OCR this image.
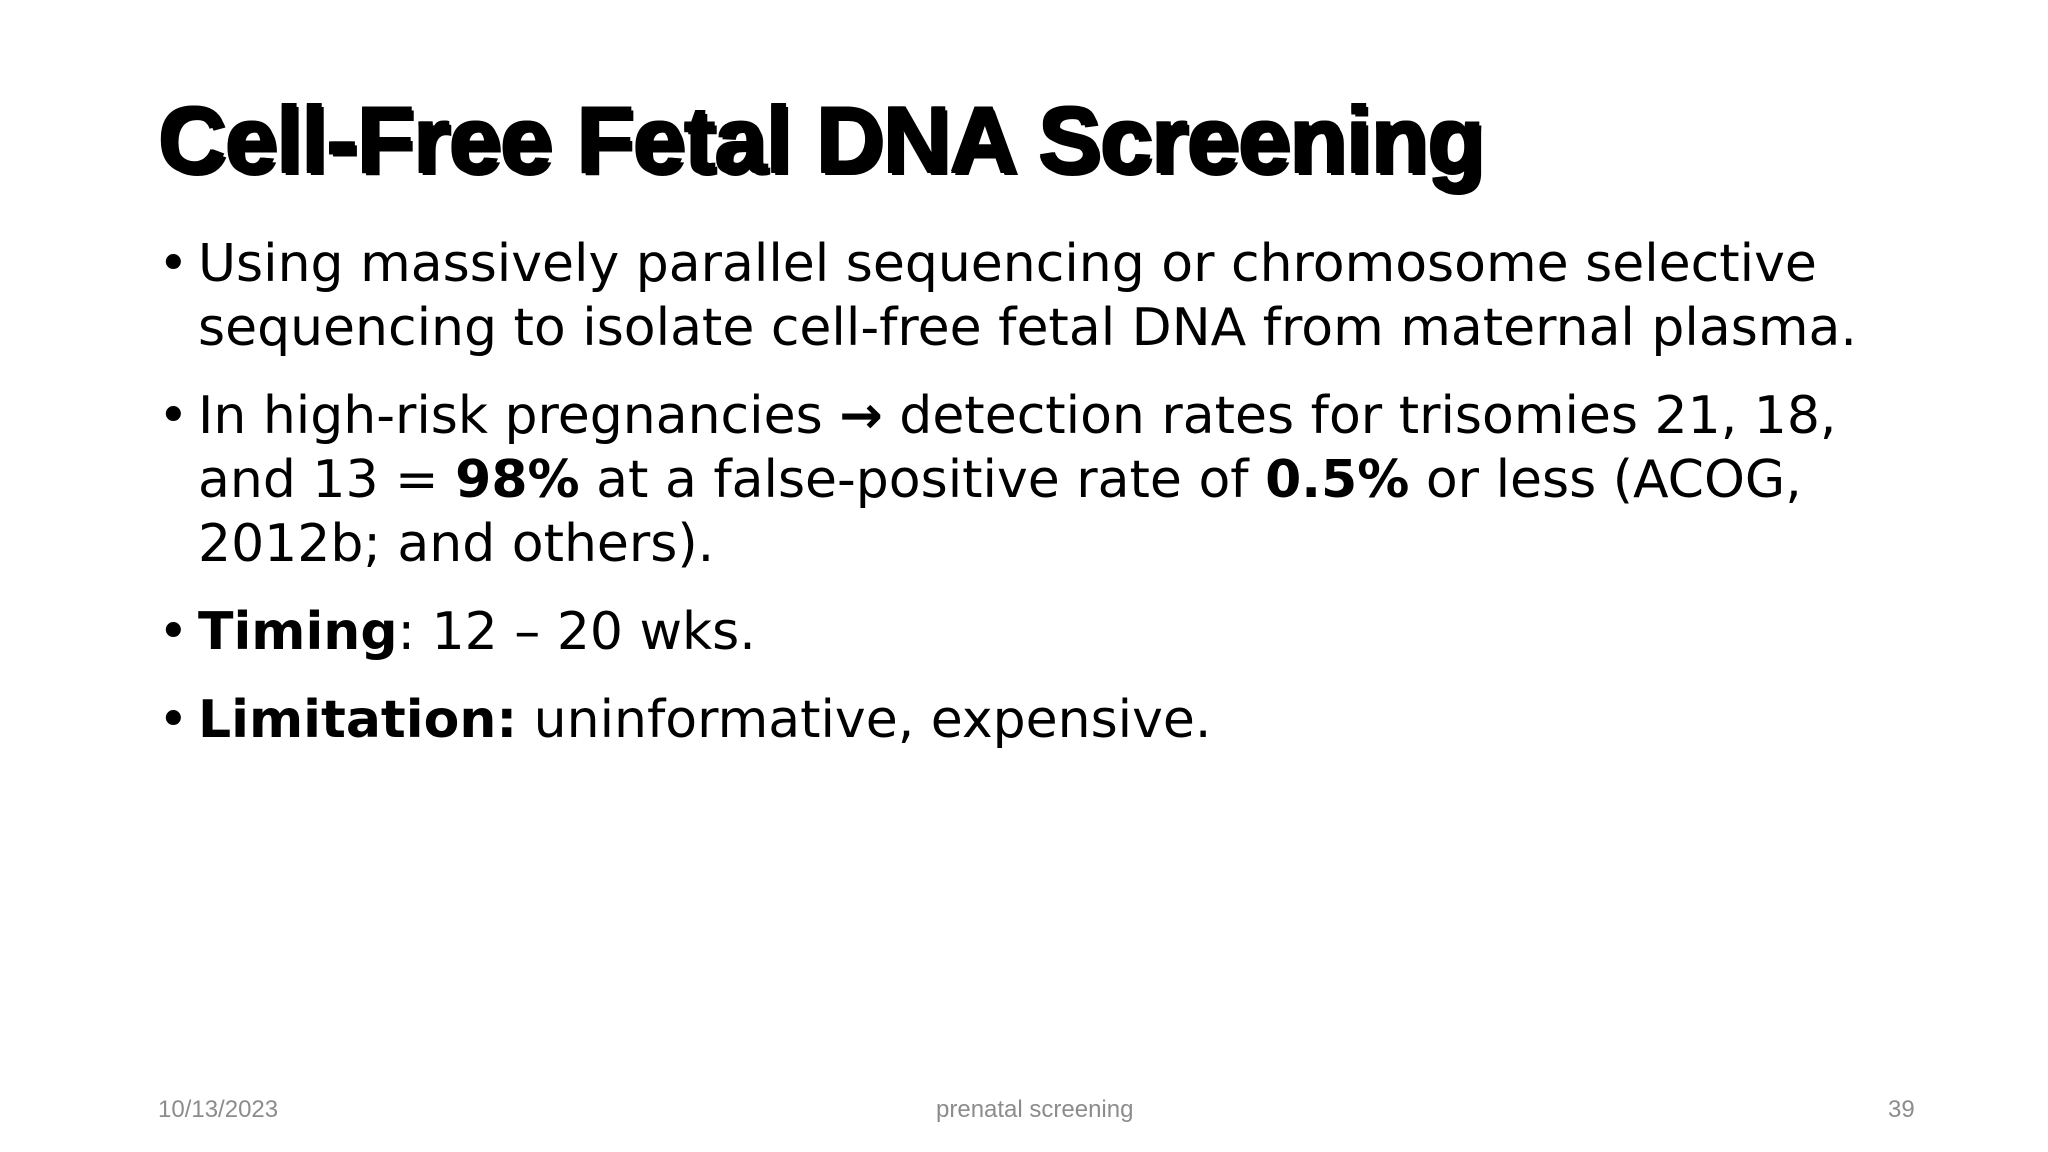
Cell-Free Fetal DNA Screening
• Using massively parallel sequencing or chromosome selective sequencing to isolate cell-free fetal DNA from maternal plasma.
• In high-risk pregnancies → detection rates for trisomies 21, 18, and 13 = 98% at a false-positive rate of 0.5% or less (ACOG, 2012b; and others).
• Timing: 12 – 20 wks.
• Limitation: uninformative, expensive.
10/13/2023	prenatal screening	39
